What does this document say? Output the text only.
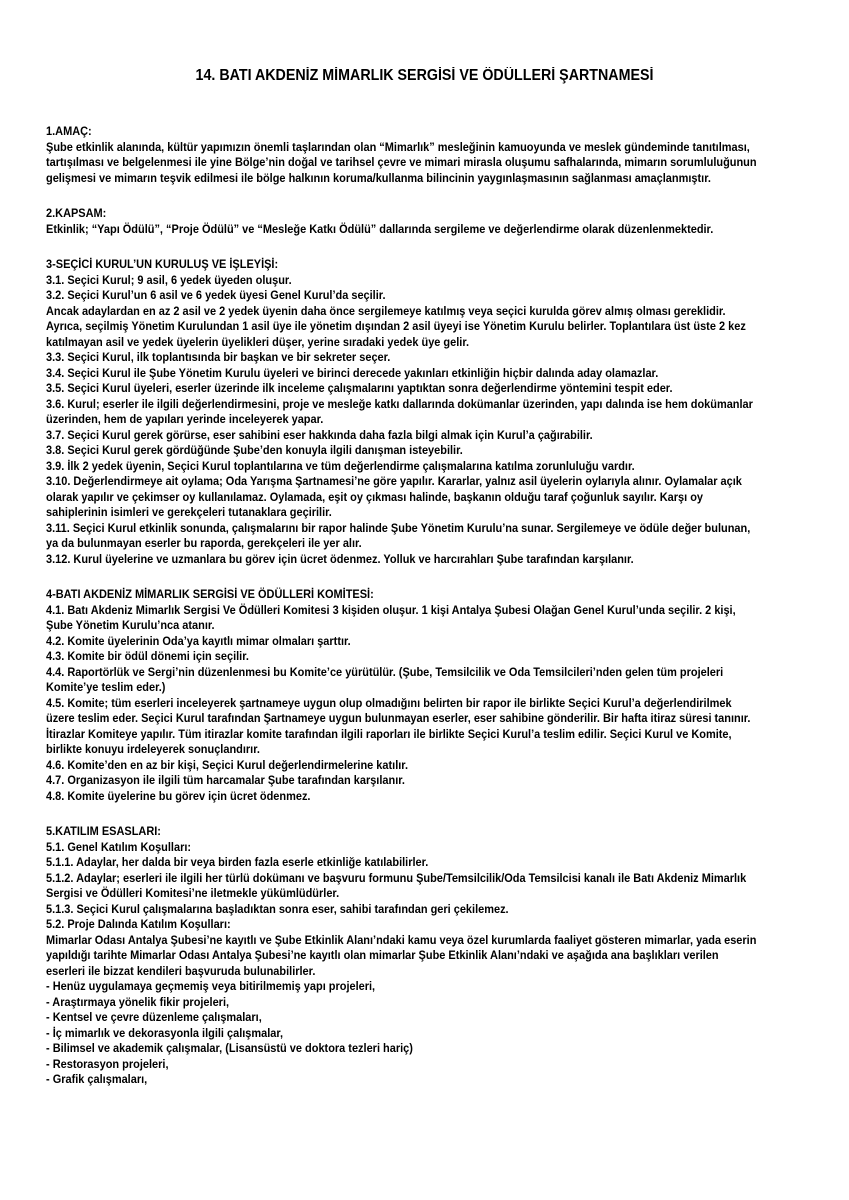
14. BATI AKDENİZ MİMARLIK SERGİSİ VE ÖDÜLLERİ ŞARTNAMESİ
1.AMAÇ:
Şube etkinlik alanında, kültür yapımızın önemli taşlarından olan “Mimarlık” mesleğinin kamuoyunda ve meslek gündeminde tanıtılması,
tartışılması ve belgelenmesi ile yine Bölge’nin doğal ve tarihsel çevre ve mimari mirasla oluşumu safhalarında, mimarın sorumluluğunun
gelişmesi ve mimarın teşvik edilmesi ile bölge halkının koruma/kullanma bilincinin yaygınlaşmasının sağlanması amaçlanmıştır.
2.KAPSAM:
Etkinlik; “Yapı Ödülü”, “Proje Ödülü” ve “Mesleğe Katkı Ödülü” dallarında sergileme ve değerlendirme olarak düzenlenmektedir.
3-SEÇİCİ KURUL’UN KURULUŞ VE İŞLEYİŞİ:
3.1. Seçici Kurul; 9 asil, 6 yedek üyeden oluşur.
3.2. Seçici Kurul’un 6 asil ve 6 yedek üyesi Genel Kurul’da seçilir.
Ancak adaylardan en az 2 asil ve 2 yedek üyenin daha önce sergilemeye katılmış veya seçici kurulda görev almış olması gereklidir.
Ayrıca, seçilmiş Yönetim Kurulundan 1 asil üye ile yönetim dışından 2 asil üyeyi ise Yönetim Kurulu belirler. Toplantılara üst üste 2 kez
katılmayan asil ve yedek üyelerin üyelikleri düşer, yerine sıradaki yedek üye gelir.
3.3. Seçici Kurul, ilk toplantısında bir başkan ve bir sekreter seçer.
3.4. Seçici Kurul ile Şube Yönetim Kurulu üyeleri ve birinci derecede yakınları etkinliğin hiçbir dalında aday olamazlar.
3.5. Seçici Kurul üyeleri, eserler üzerinde ilk inceleme çalışmalarını yaptıktan sonra değerlendirme yöntemini tespit eder.
3.6. Kurul; eserler ile ilgili değerlendirmesini, proje ve mesleğe katkı dallarında dokümanlar üzerinden, yapı dalında ise hem dokümanlar
üzerinden, hem de yapıları yerinde inceleyerek yapar.
3.7. Seçici Kurul gerek görürse, eser sahibini eser hakkında daha fazla bilgi almak için Kurul’a çağırabilir.
3.8. Seçici Kurul gerek gördüğünde Şube’den konuyla ilgili danışman isteyebilir.
3.9. İlk 2 yedek üyenin, Seçici Kurul toplantılarına ve tüm değerlendirme çalışmalarına katılma zorunluluğu vardır.
3.10. Değerlendirmeye ait oylama; Oda Yarışma Şartnamesi’ne göre yapılır. Kararlar, yalnız asil üyelerin oylarıyla alınır. Oylamalar açık
olarak yapılır ve çekimser oy kullanılamaz. Oylamada, eşit oy çıkması halinde, başkanın olduğu taraf çoğunluk sayılır. Karşı oy
sahiplerinin isimleri ve gerekçeleri tutanaklara geçirilir.
3.11. Seçici Kurul etkinlik sonunda, çalışmalarını bir rapor halinde Şube Yönetim Kurulu’na sunar. Sergilemeye ve ödüle değer bulunan,
ya da bulunmayan eserler bu raporda, gerekçeleri ile yer alır.
3.12. Kurul üyelerine ve uzmanlara bu görev için ücret ödenmez. Yolluk ve harcırahları Şube tarafından karşılanır.
4-BATI AKDENİZ MİMARLIK SERGİSİ VE ÖDÜLLERİ KOMİTESİ:
4.1. Batı Akdeniz Mimarlık Sergisi Ve Ödülleri Komitesi 3 kişiden oluşur. 1 kişi Antalya Şubesi Olağan Genel Kurul’unda seçilir. 2 kişi,
Şube Yönetim Kurulu’nca atanır.
4.2. Komite üyelerinin Oda’ya kayıtlı mimar olmaları şarttır.
4.3. Komite bir ödül dönemi için seçilir.
4.4. Raportörlük ve Sergi’nin düzenlenmesi bu Komite’ce yürütülür. (Şube, Temsilcilik ve Oda Temsilcileri’nden gelen tüm projeleri
Komite’ye teslim eder.)
4.5. Komite; tüm eserleri inceleyerek şartnameye uygun olup olmadığını belirten bir rapor ile birlikte Seçici Kurul’a değerlendirilmek
üzere teslim eder. Seçici Kurul tarafından Şartnameye uygun bulunmayan eserler, eser sahibine gönderilir. Bir hafta itiraz süresi tanınır.
İtirazlar Komiteye yapılır. Tüm itirazlar komite tarafından ilgili raporları ile birlikte Seçici Kurul’a teslim edilir. Seçici Kurul ve Komite,
birlikte konuyu irdeleyerek sonuçlandırır.
4.6. Komite’den en az bir kişi, Seçici Kurul değerlendirmelerine katılır.
4.7. Organizasyon ile ilgili tüm harcamalar Şube tarafından karşılanır.
4.8. Komite üyelerine bu görev için ücret ödenmez.
5.KATILIM ESASLARI:
5.1. Genel Katılım Koşulları:
5.1.1. Adaylar, her dalda bir veya birden fazla eserle etkinliğe katılabilirler.
5.1.2. Adaylar; eserleri ile ilgili her türlü dokümanı ve başvuru formunu Şube/Temsilcilik/Oda Temsilcisi kanalı ile Batı Akdeniz Mimarlık
Sergisi ve Ödülleri Komitesi’ne iletmekle yükümlüdürler.
5.1.3. Seçici Kurul çalışmalarına başladıktan sonra eser, sahibi tarafından geri çekilemez.
5.2. Proje Dalında Katılım Koşulları:
Mimarlar Odası Antalya Şubesi’ne kayıtlı ve Şube Etkinlik Alanı’ndaki kamu veya özel kurumlarda faaliyet gösteren mimarlar, yada eserin
yapıldığı tarihte Mimarlar Odası Antalya Şubesi’ne kayıtlı olan mimarlar Şube Etkinlik Alanı’ndaki ve aşağıda ana başlıkları verilen
eserleri ile bizzat kendileri başvuruda bulunabilirler.
- Henüz uygulamaya geçmemiş veya bitirilmemiş yapı projeleri,
- Araştırmaya yönelik fikir projeleri,
- Kentsel ve çevre düzenleme çalışmaları,
- İç mimarlık ve dekorasyonla ilgili çalışmalar,
- Bilimsel ve akademik çalışmalar, (Lisansüstü ve doktora tezleri hariç)
- Restorasyon projeleri,
- Grafik çalışmaları,
